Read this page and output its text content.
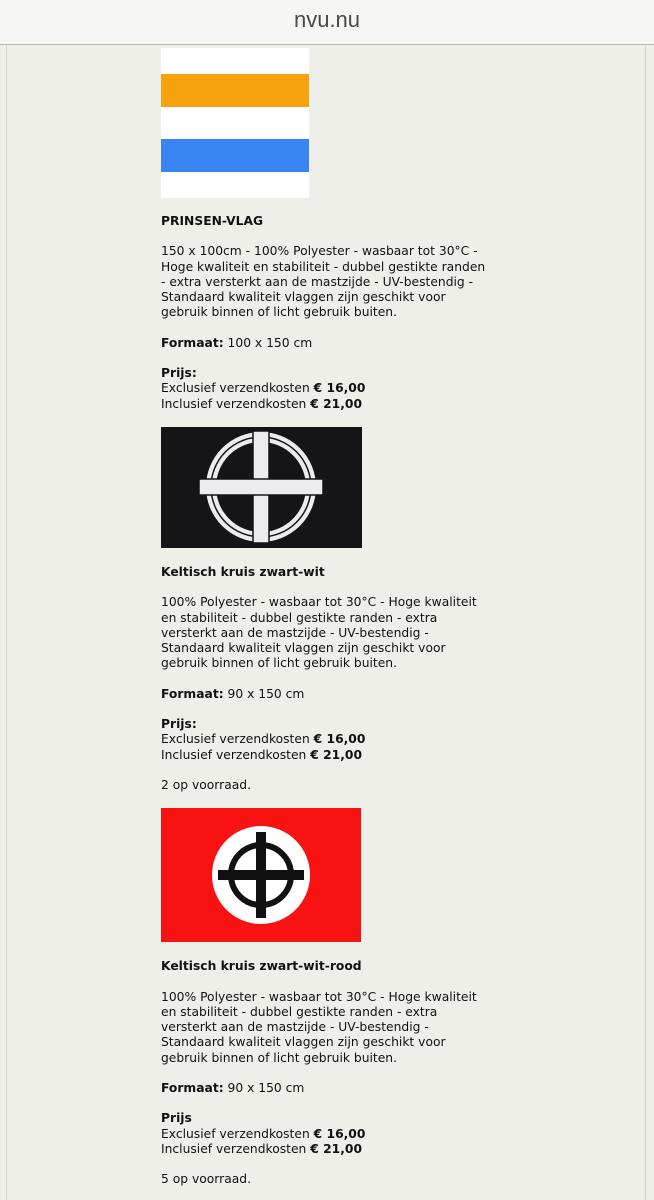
nvu.nu

PRINSEN-VLAG

150 x 100cm - 100% Polyester - wasbaar tot 30°C - Hoge kwaliteit en stabiliteit - dubbel gestikte randen - extra versterkt aan de mastzijde - UV-bestendig - Standaard kwaliteit vlaggen zijn geschikt voor gebruik binnen of licht gebruik buiten.

Formaat: 100 x 150 cm

Prijs:
Exclusief verzendkosten € 16,00
Inclusief verzendkosten € 21,00

Keltisch kruis zwart-wit

100% Polyester - wasbaar tot 30°C - Hoge kwaliteit en stabiliteit - dubbel gestikte randen - extra versterkt aan de mastzijde - UV-bestendig - Standaard kwaliteit vlaggen zijn geschikt voor gebruik binnen of licht gebruik buiten.

Formaat: 90 x 150 cm

Prijs:
Exclusief verzendkosten € 16,00
Inclusief verzendkosten € 21,00

2 op voorraad.

Keltisch kruis zwart-wit-rood

100% Polyester - wasbaar tot 30°C - Hoge kwaliteit en stabiliteit - dubbel gestikte randen - extra versterkt aan de mastzijde - UV-bestendig - Standaard kwaliteit vlaggen zijn geschikt voor gebruik binnen of licht gebruik buiten.

Formaat: 90 x 150 cm

Prijs
Exclusief verzendkosten € 16,00
Inclusief verzendkosten € 21,00

5 op voorraad.
